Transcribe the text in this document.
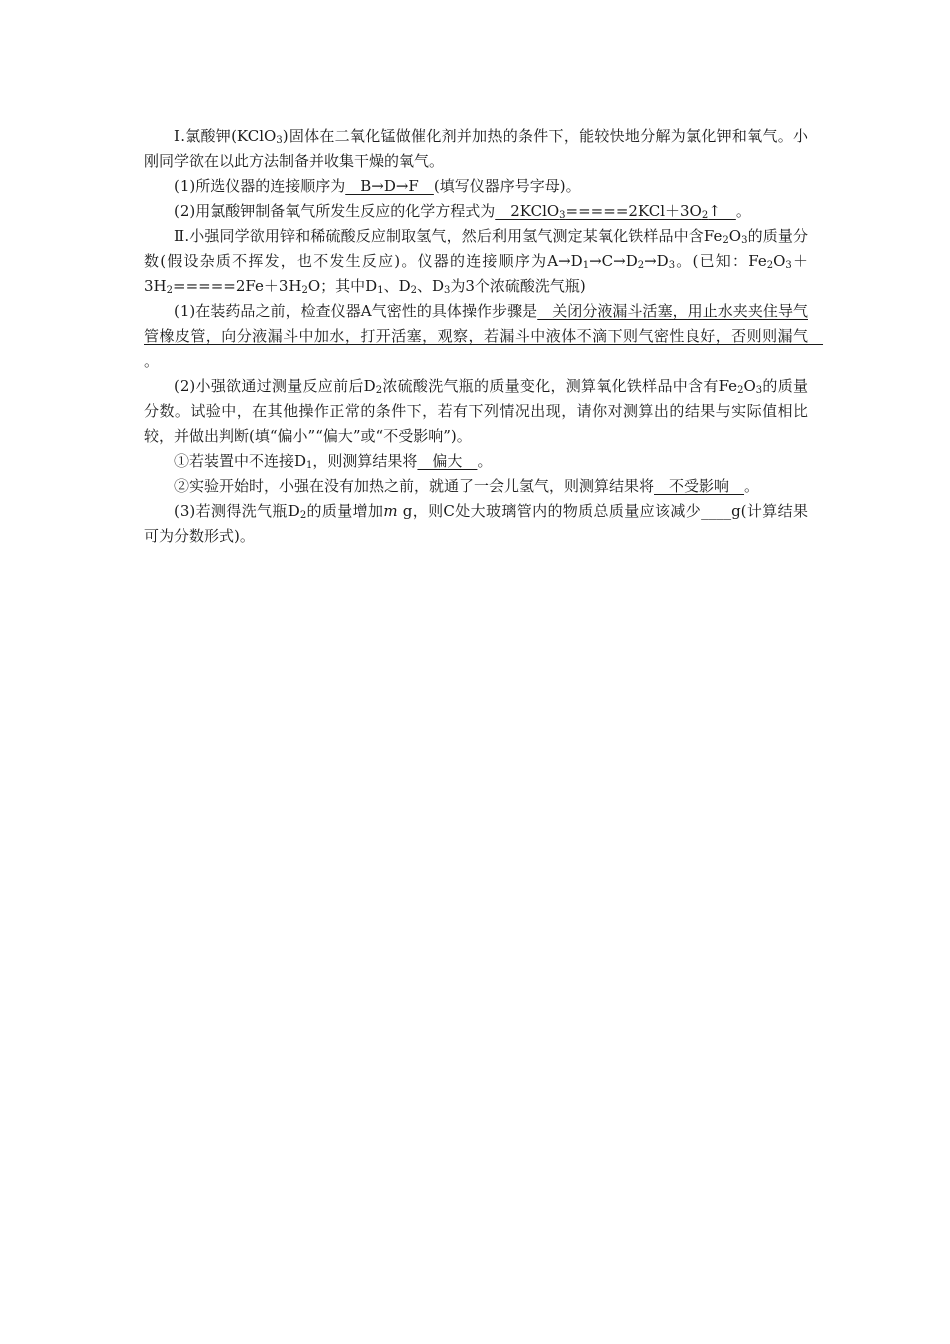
Ⅰ.氯酸钾(KClO$_3$)固体在二氧化锰做催化剂并加热的条件下，能较快地分解为氯化钾和氧气。小刚同学欲在以此方法制备并收集干燥的氧气。

(1)所选仪器的连接顺序为　B→D→F　(填写仪器序号字母)。

(2)用氯酸钾制备氧气所发生反应的化学方程式为　$2KClO_3=====2KCl+3O_2↑$　。

Ⅱ.小强同学欲用锌和稀硫酸反应制取氢气，然后利用氢气测定某氧化铁样品中含$Fe_2O_3$的质量分数(假设杂质不挥发，也不发生反应)。仪器的连接顺序为$A\to D_1\to C\to D_2\to D_3$。(已知：$Fe_2O_3+3H_2=====2Fe+3H_2O$；其中$D_1$、$D_2$、$D_3$为3个浓硫酸洗气瓶)

(1)在装药品之前，检查仪器A气密性的具体操作步骤是　关闭分液漏斗活塞，用止水夹夹住导气管橡皮管，向分液漏斗中加水，打开活塞，观察，若漏斗中液体不滴下则气密性良好，否则则漏气　。

(2)小强欲通过测量反应前后$D_2$浓硫酸洗气瓶的质量变化，测算氧化铁样品中含有$Fe_2O_3$的质量分数。试验中，在其他操作正常的条件下，若有下列情况出现，请你对测算出的结果与实际值相比较，并做出判断(填“偏小”“偏大”或“不受影响”)。

①若装置中不连接$D_1$，则测算结果将　偏大　。

②实验开始时，小强在没有加热之前，就通了一会儿氢气，则测算结果将　不受影响　。

(3)若测得洗气瓶$D_2$的质量增加m g，则C处大玻璃管内的物质总质量应该减少____g(计算结果可为分数形式)。
